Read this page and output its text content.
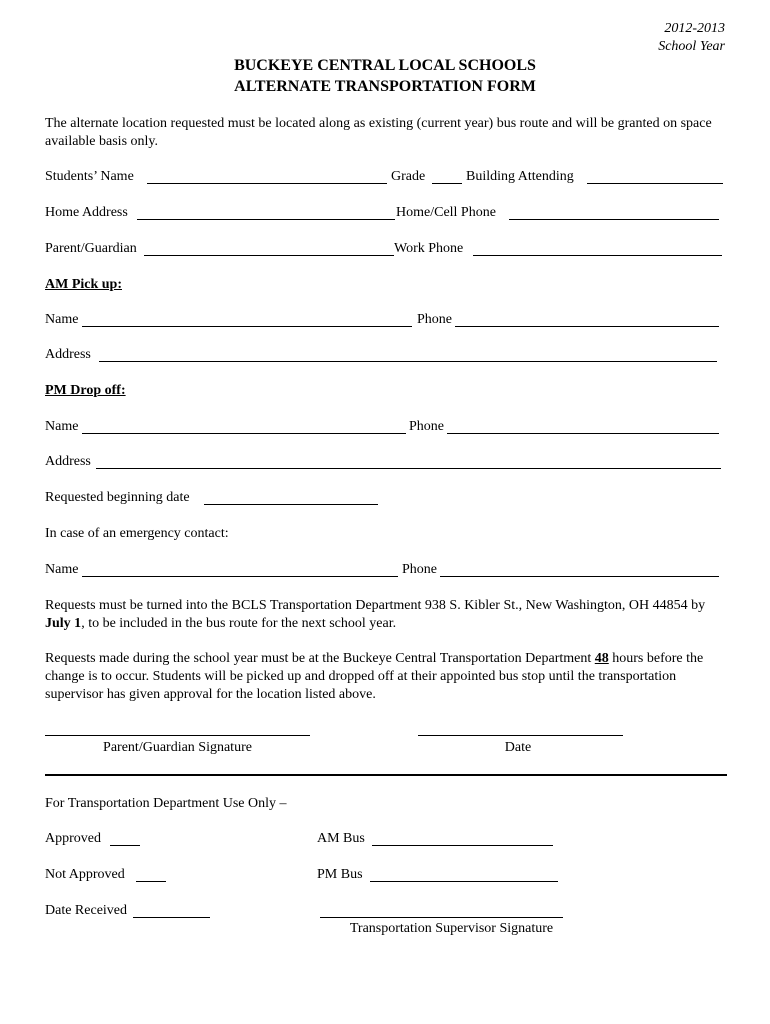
2012-2013
School Year
BUCKEYE CENTRAL LOCAL SCHOOLS
ALTERNATE TRANSPORTATION FORM
The alternate location requested must be located along as existing (current year) bus route and will be granted on space available basis only.
Students’ Name	Grade	Building Attending
Home Address	Home/Cell Phone
Parent/Guardian	Work Phone
AM Pick up:
Name	Phone
Address
PM Drop off:
Name	Phone
Address
Requested beginning date
In case of an emergency contact:
Name	Phone
Requests must be turned into the BCLS Transportation Department 938 S. Kibler St., New Washington, OH 44854 by July 1, to be included in the bus route for the next school year.
Requests made during the school year must be at the Buckeye Central Transportation Department 48 hours before the change is to occur. Students will be picked up and dropped off at their appointed bus stop until the transportation supervisor has given approval for the location listed above.
Parent/Guardian Signature	Date
For Transportation Department Use Only –
Approved	AM Bus
Not Approved	PM Bus
Date Received
Transportation Supervisor Signature
